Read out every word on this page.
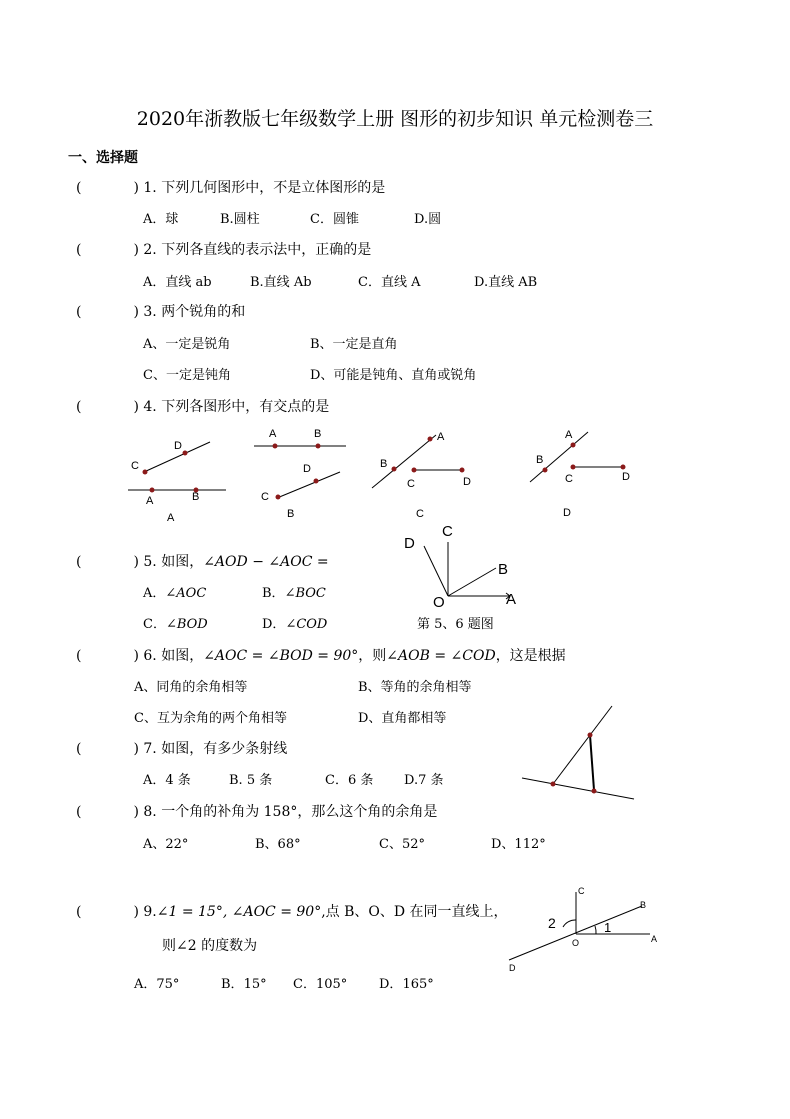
2020年浙教版七年级数学上册 图形的初步知识 单元检测卷三
一、选择题
(	) 1. 下列几何图形中，不是立体图形的是
A．球	B.圆柱	C．圆锥	D.圆
(	) 2. 下列各直线的表示法中，正确的是
A．直线 ab	B.直线 Ab	C．直线 A	D.直线 AB
(	) 3. 两个锐角的和
A、一定是锐角	B、一定是直角
C、一定是钝角	D、可能是钝角、直角或锐角
(	) 4. 下列各图形中，有交点的是
C
D
A	B
A
A	B
C
D
B
B
A
C	D
C
B
A
C	D
D
(	) 5. 如图，∠AOD − ∠AOC =
A．∠AOC	B．∠BOC
C．∠BOD	D．∠COD
D
C
B
O	A
第 5、6 题图
(	) 6. 如图，∠AOC = ∠BOD = 90°，则∠AOB = ∠COD，这是根据
A、同角的余角相等	B、等角的余角相等
C、互为余角的两个角相等	D、直角都相等
(	) 7. 如图，有多少条射线
A．4 条	B. 5 条	C．6 条 D.7 条
(	) 8. 一个角的补角为 158°，那么这个角的余角是
A、22°	B、68°	C、52°	D、112°
(	) 9.∠1 = 15°, ∠AOC = 90°,点 B、O、D 在同一直线上，
则∠2 的度数为
A．75°	B．15° C．105° D．165°
C
B
2	1
O	A
D
